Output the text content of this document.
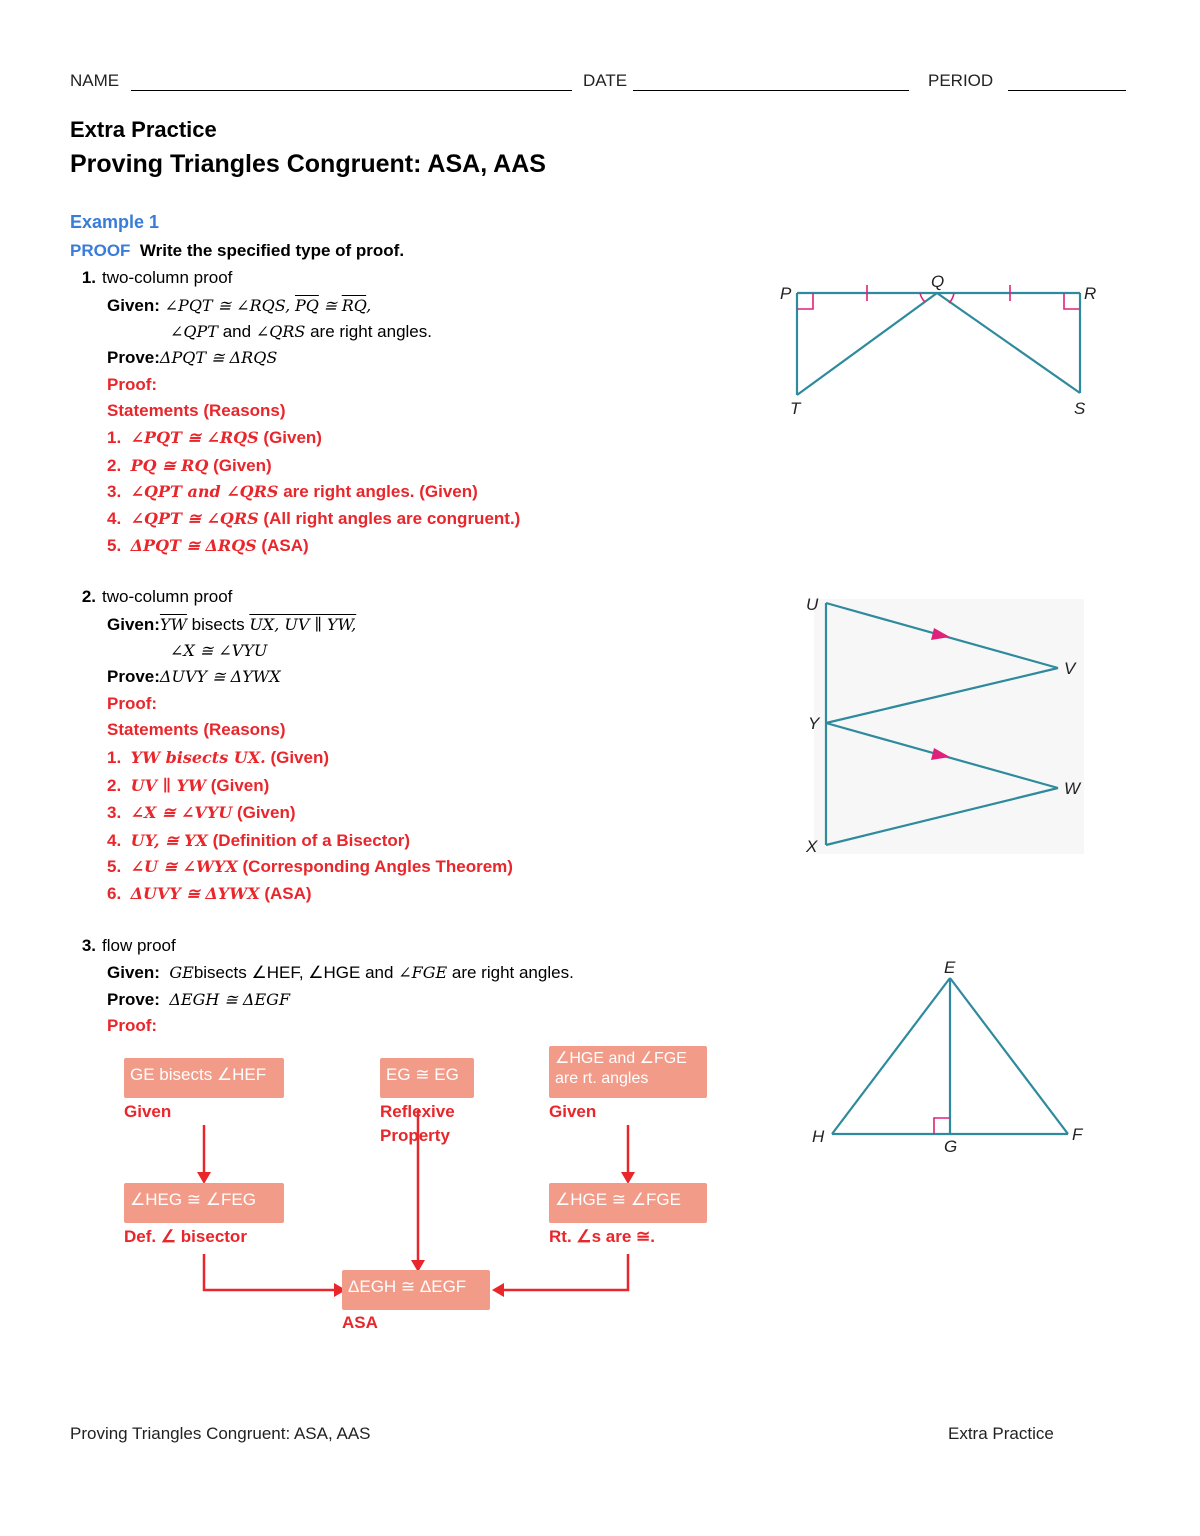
NAME	DATE	PERIOD
Extra Practice
Proving Triangles Congruent: ASA, AAS
Example 1
PROOF Write the specified type of proof.
1. two-column proof
Given: ∠PQT ≅ ∠RQS, $\overline{PQ}$ ≅ $\overline{RQ}$,
∠QPT and ∠QRS are right angles.
Prove:ΔPQT ≅ ΔRQS
Proof:
Statements (Reasons)
1. ∠PQT ≅ ∠RQS (Given)
2. PQ ≅ RQ (Given)
3. ∠QPT and ∠QRS are right angles. (Given)
4. ∠QPT ≅ ∠QRS (All right angles are congruent.)
5. ΔPQT ≅ ΔRQS (ASA)
P
Q
R
T	S
2. two-column proof
$Given:\overline{YW}$ bisects UX, UV ∥ YW,
∠X ≅ ∠VYU
Prove:ΔUVY ≅ ΔYWX
Proof:
Statements (Reasons)
1. YW bisects UX. (Given)
2. UV ∥ YW (Given)
3. ∠X ≅ ∠VYU (Given)
4. UY, ≅ YX (Definition of a Bisector)
5. ∠U ≅ ∠WYX (Corresponding Angles Theorem)
6. ΔUVY ≅ ΔYWX (ASA)
U
V
Y
W
X
3. flow proof
Given: GEbisects ∠HEF, ∠HGE and ∠FGE are right angles.
Prove: ΔEGH ≅ ΔEGF
Proof:
GE bisects ∠HEF
Given
EG ≅ EG
Reflexive Property
∠HGE and ∠FGE are rt. angles
Given
∠HEG ≅ ∠FEG
Def. ∠ bisector
∠HGE ≅ ∠FGE
Rt. ∠s are ≅.
ΔEGH ≅ ΔEGF
ASA
E
H
G
F
Proving Triangles Congruent: ASA, AAS	Extra Practice
